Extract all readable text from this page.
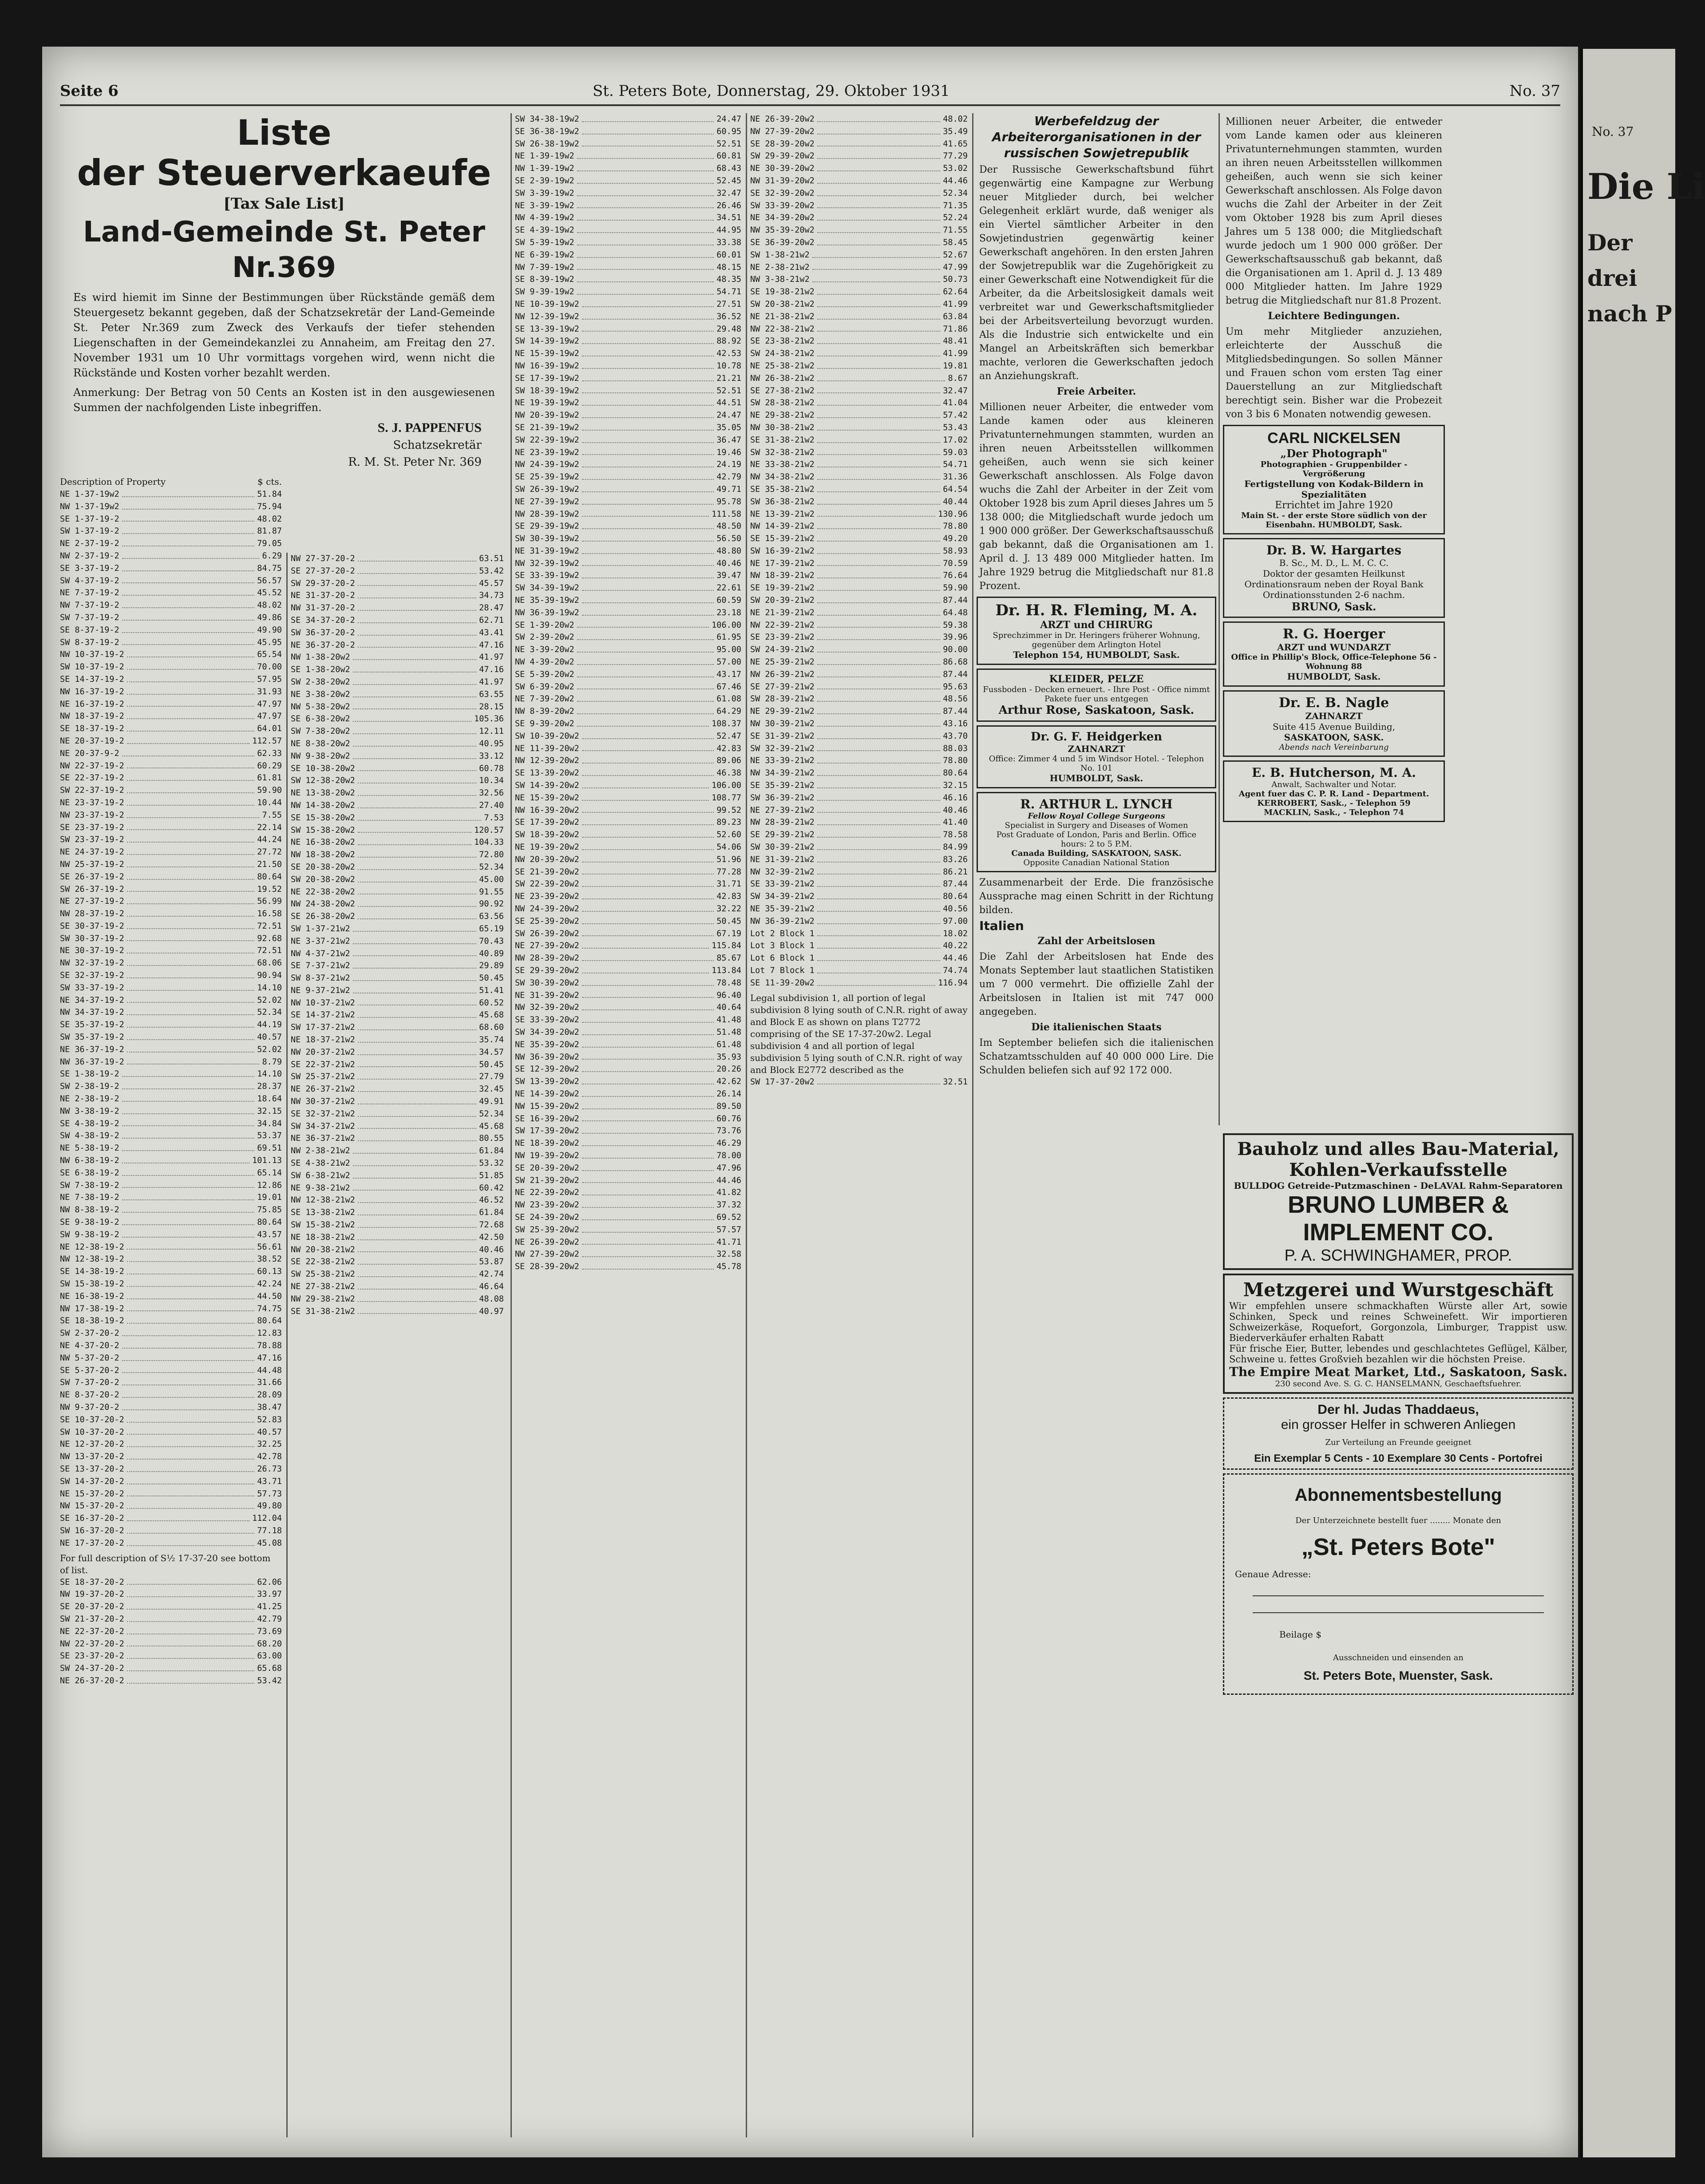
Seite 6	St. Peters Bote, Donnerstag, 29. Oktober 1931	No. 37
Liste
der Steuerverkaeufe
[Tax Sale List]
Land-Gemeinde St. Peter Nr.369
Es wird hiemit im Sinne der Bestimmungen über Rückstände gemäß dem Steuergesetz bekannt gegeben, daß der Schatzsekretär der Land-Gemeinde St. Peter Nr.369 zum Zweck des Verkaufs der tiefer stehenden Liegenschaften in der Gemeindekanzlei zu Annaheim, am Freitag den 27. November 1931 um 10 Uhr vormittags vorgehen wird, wenn nicht die Rückstände und Kosten vorher bezahlt werden.
Anmerkung: Der Betrag von 50 Cents an Kosten ist in den ausgewiesenen Summen der nachfolgenden Liste inbegriffen.
S. J. PAPPENFUS
Schatzsekretär
R. M. St. Peter Nr. 369
Description of Property	$ cts.
NE 1-37-19w2	51.84
NW 1-37-19w2	75.94
SE 1-37-19-2	48.02
SW 1-37-19-2	81.87
NE 2-37-19-2	79.05
NW 2-37-19-2	6.29
SE 3-37-19-2	84.75
SW 4-37-19-2	56.57
NE 7-37-19-2	45.52
NW 7-37-19-2	48.02
SW 7-37-19-2	49.86
SE 8-37-19-2	49.90
SW 8-37-19-2	45.95
NW 10-37-19-2	65.54
SW 10-37-19-2	70.00
SE 14-37-19-2	57.95
NW 16-37-19-2	31.93
NE 16-37-19-2	47.97
NW 18-37-19-2	47.97
SE 18-37-19-2	64.01
NE 20-37-19-2	112.57
NE 20-37-9-2	62.33
NW 22-37-19-2	60.29
SE 22-37-19-2	61.81
SW 22-37-19-2	59.90
NE 23-37-19-2	10.44
NW 23-37-19-2	7.55
SE 23-37-19-2	22.14
SW 23-37-19-2	44.24
NE 24-37-19-2	27.72
NW 25-37-19-2	21.50
SE 26-37-19-2	80.64
SW 26-37-19-2	19.52
NE 27-37-19-2	56.99
NW 28-37-19-2	16.58
SE 30-37-19-2	72.51
SW 30-37-19-2	92.68
NE 30-37-19-2	72.51
NW 32-37-19-2	68.06
SE 32-37-19-2	90.94
SW 33-37-19-2	14.10
NE 34-37-19-2	52.02
NW 34-37-19-2	52.34
SE 35-37-19-2	44.19
SW 35-37-19-2	40.57
NE 36-37-19-2	52.02
NW 36-37-19-2	8.79
SE 1-38-19-2	14.10
SW 2-38-19-2	28.37
NE 2-38-19-2	18.64
NW 3-38-19-2	32.15
SE 4-38-19-2	34.84
SW 4-38-19-2	53.37
NE 5-38-19-2	69.51
NW 6-38-19-2	101.13
SE 6-38-19-2	65.14
SW 7-38-19-2	12.86
NE 7-38-19-2	19.01
NW 8-38-19-2	75.85
SE 9-38-19-2	80.64
SW 9-38-19-2	43.57
NE 12-38-19-2	56.61
NW 12-38-19-2	38.52
SE 14-38-19-2	60.13
SW 15-38-19-2	42.24
NE 16-38-19-2	44.50
NW 17-38-19-2	74.75
SE 18-38-19-2	80.64
SW 2-37-20-2	12.83
NE 4-37-20-2	78.88
NW 5-37-20-2	47.16
SE 5-37-20-2	44.48
SW 7-37-20-2	31.66
NE 8-37-20-2	28.09
NW 9-37-20-2	38.47
SE 10-37-20-2	52.83
SW 10-37-20-2	40.57
NE 12-37-20-2	32.25
NW 13-37-20-2	42.78
SE 13-37-20-2	26.73
SW 14-37-20-2	43.71
NE 15-37-20-2	57.73
NW 15-37-20-2	49.80
SE 16-37-20-2	112.04
SW 16-37-20-2	77.18
NE 17-37-20-2	45.08
For full description of S½ 17-37-20 see bottom of list.
SE 18-37-20-2	62.06
NW 19-37-20-2	33.97
SE 20-37-20-2	41.25
SW 21-37-20-2	42.79
NE 22-37-20-2	73.69
NW 22-37-20-2	68.20
SE 23-37-20-2	63.00
SW 24-37-20-2	65.68
NE 26-37-20-2	53.42
NW 27-37-20-2	63.51
SE 27-37-20-2	53.42
SW 29-37-20-2	45.57
NE 31-37-20-2	34.73
NW 31-37-20-2	28.47
SE 34-37-20-2	62.71
SW 36-37-20-2	43.41
NE 36-37-20-2	47.16
NW 1-38-20w2	41.97
SE 1-38-20w2	47.16
SW 2-38-20w2	41.97
NE 3-38-20w2	63.55
NW 5-38-20w2	28.15
SE 6-38-20w2	105.36
SW 7-38-20w2	12.11
NE 8-38-20w2	40.95
NW 9-38-20w2	33.12
SE 10-38-20w2	60.78
SW 12-38-20w2	10.34
NE 13-38-20w2	32.56
NW 14-38-20w2	27.40
SE 15-38-20w2	7.53
SW 15-38-20w2	120.57
NE 16-38-20w2	104.33
NW 18-38-20w2	72.80
SE 20-38-20w2	52.34
SW 20-38-20w2	45.00
NE 22-38-20w2	91.55
NW 24-38-20w2	90.92
SE 26-38-20w2	63.56
SW 1-37-21w2	65.19
NE 3-37-21w2	70.43
NW 4-37-21w2	40.89
SE 7-37-21w2	29.89
SW 8-37-21w2	50.45
NE 9-37-21w2	51.41
NW 10-37-21w2	60.52
SE 14-37-21w2	45.68
SW 17-37-21w2	68.60
NE 18-37-21w2	35.74
NW 20-37-21w2	34.57
SE 22-37-21w2	50.45
SW 25-37-21w2	27.79
NE 26-37-21w2	32.45
NW 30-37-21w2	49.91
SE 32-37-21w2	52.34
SW 34-37-21w2	45.68
NE 36-37-21w2	80.55
NW 2-38-21w2	61.84
SE 4-38-21w2	53.32
SW 6-38-21w2	51.85
NE 9-38-21w2	60.42
NW 12-38-21w2	46.52
SE 13-38-21w2	61.84
SW 15-38-21w2	72.68
NE 18-38-21w2	42.50
NW 20-38-21w2	40.46
SE 22-38-21w2	53.87
SW 25-38-21w2	42.74
NE 27-38-21w2	46.64
NW 29-38-21w2	48.08
SE 31-38-21w2	40.97
SW 34-38-19w2	24.47
SE 36-38-19w2	60.95
SW 26-38-19w2	52.51
NE 1-39-19w2	60.81
NW 1-39-19w2	68.43
SE 2-39-19w2	52.45
SW 3-39-19w2	32.47
NE 3-39-19w2	26.46
NW 4-39-19w2	34.51
SE 4-39-19w2	44.95
SW 5-39-19w2	33.38
NE 6-39-19w2	60.01
NW 7-39-19w2	48.15
SE 8-39-19w2	48.35
SW 9-39-19w2	54.71
NE 10-39-19w2	27.51
NW 12-39-19w2	36.52
SE 13-39-19w2	29.48
SW 14-39-19w2	88.92
NE 15-39-19w2	42.53
NW 16-39-19w2	10.78
SE 17-39-19w2	21.21
SW 18-39-19w2	52.51
NE 19-39-19w2	44.51
NW 20-39-19w2	24.47
SE 21-39-19w2	35.05
SW 22-39-19w2	36.47
NE 23-39-19w2	19.46
NW 24-39-19w2	24.19
SE 25-39-19w2	42.79
SW 26-39-19w2	49.71
NE 27-39-19w2	95.78
NW 28-39-19w2	111.58
SE 29-39-19w2	48.50
SW 30-39-19w2	56.50
NE 31-39-19w2	48.80
NW 32-39-19w2	40.46
SE 33-39-19w2	39.47
SW 34-39-19w2	22.61
NE 35-39-19w2	60.59
NW 36-39-19w2	23.18
SE 1-39-20w2	106.00
SW 2-39-20w2	61.95
NE 3-39-20w2	95.00
NW 4-39-20w2	57.00
SE 5-39-20w2	43.17
SW 6-39-20w2	67.46
NE 7-39-20w2	61.08
NW 8-39-20w2	64.29
SE 9-39-20w2	108.37
SW 10-39-20w2	52.47
NE 11-39-20w2	42.83
NW 12-39-20w2	89.06
SE 13-39-20w2	46.38
SW 14-39-20w2	106.00
NE 15-39-20w2	108.77
NW 16-39-20w2	99.52
SE 17-39-20w2	89.23
SW 18-39-20w2	52.60
NE 19-39-20w2	54.06
NW 20-39-20w2	51.96
SE 21-39-20w2	77.28
SW 22-39-20w2	31.71
NE 23-39-20w2	42.83
NW 24-39-20w2	32.22
SE 25-39-20w2	50.45
SW 26-39-20w2	67.19
NE 27-39-20w2	115.84
NW 28-39-20w2	85.67
SE 29-39-20w2	113.84
SW 30-39-20w2	78.48
NE 31-39-20w2	96.40
NW 32-39-20w2	40.64
SE 33-39-20w2	41.48
SW 34-39-20w2	51.48
NE 35-39-20w2	61.48
NW 36-39-20w2	35.93
SE 12-39-20w2	20.26
SW 13-39-20w2	42.62
NE 14-39-20w2	26.14
NW 15-39-20w2	89.50
SE 16-39-20w2	60.76
SW 17-39-20w2	73.76
NE 18-39-20w2	46.29
NW 19-39-20w2	78.00
SE 20-39-20w2	47.96
SW 21-39-20w2	44.46
NE 22-39-20w2	41.82
NW 23-39-20w2	37.32
SE 24-39-20w2	69.52
SW 25-39-20w2	57.57
NE 26-39-20w2	41.71
NW 27-39-20w2	32.58
SE 28-39-20w2	45.78
NE 26-39-20w2	48.02
NW 27-39-20w2	35.49
SE 28-39-20w2	41.65
SW 29-39-20w2	77.29
NE 30-39-20w2	53.02
NW 31-39-20w2	44.46
SE 32-39-20w2	52.34
SW 33-39-20w2	71.35
NE 34-39-20w2	52.24
NW 35-39-20w2	71.55
SE 36-39-20w2	58.45
SW 1-38-21w2	52.67
NE 2-38-21w2	47.99
NW 3-38-21w2	50.73
SE 19-38-21w2	62.64
SW 20-38-21w2	41.99
NE 21-38-21w2	63.84
NW 22-38-21w2	71.86
SE 23-38-21w2	48.41
SW 24-38-21w2	41.99
NE 25-38-21w2	19.81
NW 26-38-21w2	8.67
SE 27-38-21w2	32.47
SW 28-38-21w2	41.04
NE 29-38-21w2	57.42
NW 30-38-21w2	53.43
SE 31-38-21w2	17.02
SW 32-38-21w2	59.03
NE 33-38-21w2	54.71
NW 34-38-21w2	31.36
SE 35-38-21w2	64.54
SW 36-38-21w2	40.44
NE 13-39-21w2	130.96
NW 14-39-21w2	78.80
SE 15-39-21w2	49.20
SW 16-39-21w2	58.93
NE 17-39-21w2	70.59
NW 18-39-21w2	76.64
SE 19-39-21w2	59.90
SW 20-39-21w2	87.44
NE 21-39-21w2	64.48
NW 22-39-21w2	59.38
SE 23-39-21w2	39.96
SW 24-39-21w2	90.00
NE 25-39-21w2	86.68
NW 26-39-21w2	87.44
SE 27-39-21w2	95.63
SW 28-39-21w2	48.56
NE 29-39-21w2	87.44
NW 30-39-21w2	43.16
SE 31-39-21w2	43.70
SW 32-39-21w2	88.03
NE 33-39-21w2	78.80
NW 34-39-21w2	80.64
SE 35-39-21w2	32.15
SW 36-39-21w2	46.16
NE 27-39-21w2	40.46
NW 28-39-21w2	41.40
SE 29-39-21w2	78.58
SW 30-39-21w2	84.99
NE 31-39-21w2	83.26
NW 32-39-21w2	86.21
SE 33-39-21w2	87.44
SW 34-39-21w2	80.64
NE 35-39-21w2	40.56
NW 36-39-21w2	97.00
Lot 2 Block 1	18.02
Lot 3 Block 1	40.22
Lot 6 Block 1	44.46
Lot 7 Block 1	74.74
SE 11-39-20w2	116.94
Legal subdivision 1, all portion of legal subdivision 8 lying south of C.N.R. right of away and Block E as shown on plans T2772 comprising of the SE 17-37-20w2. Legal subdivision 4 and all portion of legal subdivision 5 lying south of C.N.R. right of way and Block E2772 described as the
SW 17-37-20w2	32.51
Werbefeldzug der Arbeiterorganisationen in der russischen Sowjetrepublik

Der Russische Gewerkschaftsbund führt gegenwärtig eine Kampagne zur Werbung neuer Mitglieder durch, bei welcher Gelegenheit erklärt wurde, daß weniger als ein Viertel sämtlicher Arbeiter in den Sowjetindustrien gegenwärtig keiner Gewerkschaft angehören. In den ersten Jahren der Sowjetrepublik war die Zugehörigkeit zu einer Gewerkschaft eine Notwendigkeit für die Arbeiter, da die Arbeitslosigkeit damals weit verbreitet war und Gewerkschaftsmitglieder bei der Arbeitsverteilung bevorzugt wurden. Als die Industrie sich entwickelte und ein Mangel an Arbeitskräften sich bemerkbar machte, verloren die Gewerkschaften jedoch an Anziehungskraft.

Freie Arbeiter.

Millionen neuer Arbeiter, die entweder vom Lande kamen oder aus kleineren Privatunternehmungen stammten, wurden an ihren neuen Arbeitsstellen willkommen geheißen, auch wenn sie sich keiner Gewerkschaft anschlossen. Als Folge davon wuchs die Zahl der Arbeiter in der Zeit vom Oktober 1928 bis zum April dieses Jahres um 5 138 000; die Mitgliedschaft wurde jedoch um 1 900 000 größer. Der Gewerkschaftsausschuß gab bekannt, daß die Organisationen am 1. April d. J. 13 489 000 Mitglieder hatten. Im Jahre 1929 betrug die Mitgliedschaft nur 81.8 Prozent.

Dr. H. R. Fleming, M. A.
ARZT und CHIRURG
Sprechzimmer in Dr. Heringers früherer Wohnung, gegenüber dem Arlington Hotel
Telephon 154, HUMBOLDT, Sask.
KLEIDER, PELZE
Fussboden - Decken erneuert. - Ihre Post - Office nimmt Pakete fuer uns entgegen
Arthur Rose, Saskatoon, Sask.
Dr. G. F. Heidgerken
ZAHNARZT
Office: Zimmer 4 und 5 im Windsor Hotel. - Telephon No. 101
HUMBOLDT, Sask.
R. ARTHUR L. LYNCH
Fellow Royal College Surgeons
Specialist in Surgery and Diseases of Women
Post Graduate of London, Paris and Berlin. Office hours: 2 to 5 P.M.
Canada Building, SASKATOON, SASK.
Opposite Canadian National Station

Zusammenarbeit der Erde. Die französische Aussprache mag einen Schritt in der Richtung bilden.

Italien

Zahl der Arbeitslosen

Die Zahl der Arbeitslosen hat Ende des Monats September laut staatlichen Statistiken um 7 000 vermehrt. Die offizielle Zahl der Arbeitslosen in Italien ist mit 747 000 angegeben.

Die italienischen Staats

Im September beliefen sich die italienischen Schatzamtsschulden auf 40 000 000 Lire. Die Schulden beliefen sich auf 92 172 000.

Bauholz und alles Bau-Material,
Kohlen-Verkaufsstelle
BULLDOG Getreide-Putzmaschinen - DeLAVAL Rahm-Separatoren
BRUNO LUMBER & IMPLEMENT CO.
P. A. SCHWINGHAMER, PROP.
Metzgerei und Wurstgeschäft
Wir empfehlen unsere schmackhaften Würste aller Art, sowie Schinken, Speck und reines Schweinefett. Wir importieren Schweizerkäse, Roquefort, Gorgonzola, Limburger, Trappist usw. Biederverkäufer erhalten Rabatt
Für frische Eier, Butter, lebendes und geschlachtetes Geflügel, Kälber, Schweine u. fettes Großvieh bezahlen wir die höchsten Preise.
The Empire Meat Market, Ltd., Saskatoon, Sask.
230 second Ave. S. G. C. HANSELMANN, Geschaeftsfuehrer.
Der hl. Judas Thaddaeus,
ein grosser Helfer in schweren Anliegen
Zur Verteilung an Freunde geeignet
Ein Exemplar 5 Cents - 10 Exemplare 30 Cents - Portofrei
Abonnementsbestellung
Der Unterzeichnete bestellt fuer ........ Monate den
„St. Peters Bote"
Genaue Adresse:
Beilage $
Ausschneiden und einsenden an
St. Peters Bote, Muenster, Sask.

Millionen neuer Arbeiter, die entweder vom Lande kamen oder aus kleineren Privatunternehmungen stammten, wurden an ihren neuen Arbeitsstellen willkommen geheißen, auch wenn sie sich keiner Gewerkschaft anschlossen. Als Folge davon wuchs die Zahl der Arbeiter in der Zeit vom Oktober 1928 bis zum April dieses Jahres um 5 138 000; die Mitgliedschaft wurde jedoch um 1 900 000 größer. Der Gewerkschaftsausschuß gab bekannt, daß die Organisationen am 1. April d. J. 13 489 000 Mitglieder hatten. Im Jahre 1929 betrug die Mitgliedschaft nur 81.8 Prozent.

Leichtere Bedingungen.

Um mehr Mitglieder anzuziehen, erleichterte der Ausschuß die Mitgliedsbedingungen. So sollen Männer und Frauen schon vom ersten Tag einer Dauerstellung an zur Mitgliedschaft berechtigt sein. Bisher war die Probezeit von 3 bis 6 Monaten notwendig gewesen.

CARL NICKELSEN
„Der Photograph"
Photographien - Gruppenbilder - Vergrößerung
Fertigstellung von Kodak-Bildern in Spezialitäten
Errichtet im Jahre 1920
Main St. - der erste Store südlich von der Eisenbahn. HUMBOLDT, Sask.
Dr. B. W. Hargartes
B. Sc., M. D., L. M. C. C.
Doktor der gesamten Heilkunst
Ordinationsraum neben der Royal Bank
Ordinationsstunden 2-6 nachm.
BRUNO, Sask.
R. G. Hoerger
ARZT und WUNDARZT
Office in Phillip's Block, Office-Telephone 56 - Wohnung 88
HUMBOLDT, Sask.
Dr. E. B. Nagle
ZAHNARZT
Suite 415 Avenue Building,
SASKATOON, SASK.
Abends nach Vereinbarung
E. B. Hutcherson, M. A.
Anwalt, Sachwalter und Notar.
Agent fuer das C. P. R. Land - Department.
KERROBERT, Sask., - Telephon 59
MACKLIN, Sask., - Telephon 74
No. 37
Die Li
Der drei nach P
